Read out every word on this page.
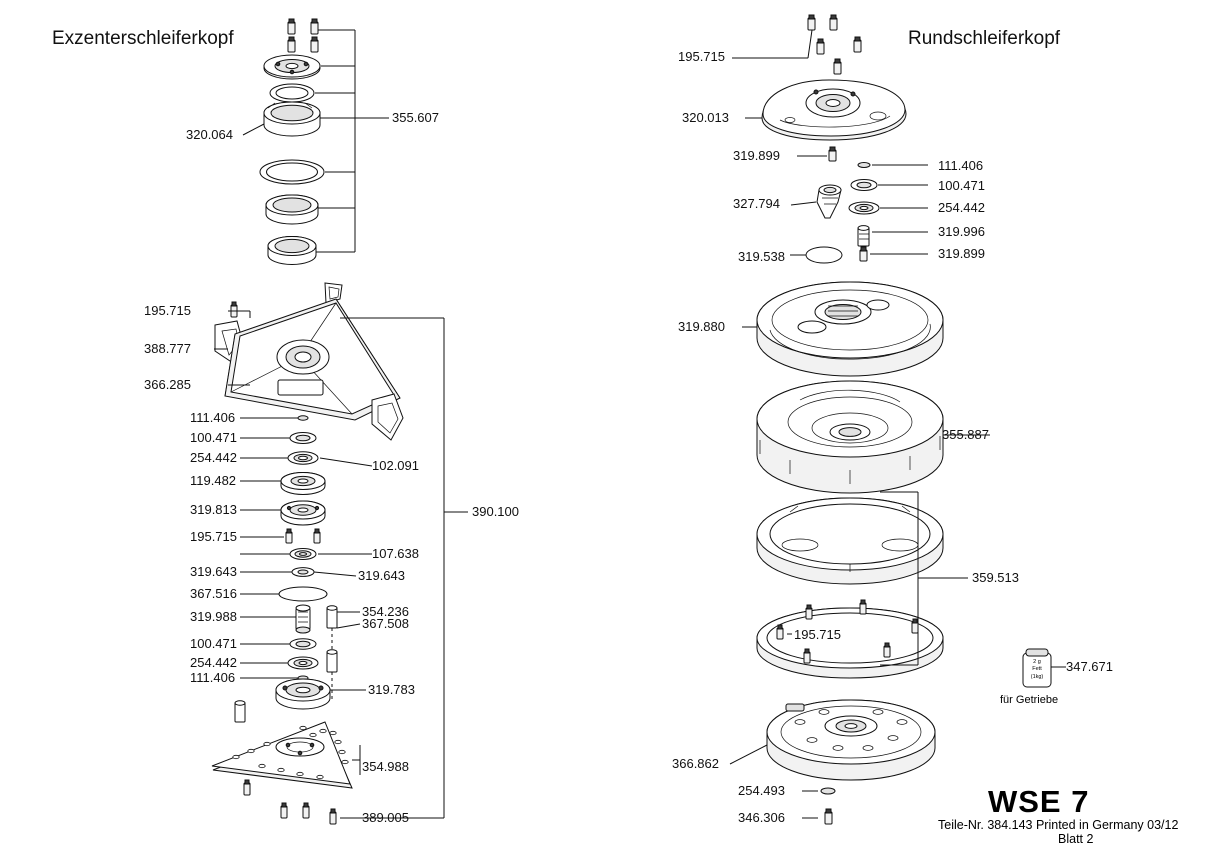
Exzenterschleiferkopf	Rundschleiferkopf
355.607
320.064
195.715
388.777
366.285
111.406
100.471
254.442
102.091
119.482
319.813
195.715
107.638
319.643	319.643
367.516
319.988	354.236
367.508
100.471
254.442
111.406
319.783
354.988
389.005
390.100
195.715
320.013
319.899
111.406
100.471
327.794	254.442
319.996
319.538	319.899
319.880
355.887
359.513
195.715
347.671
366.862
254.493
346.306
2 g
Fett
(1kg)
für Getriebe
WSE 7
Teile-Nr. 384.143 Printed in Germany 03/12
Blatt 2
